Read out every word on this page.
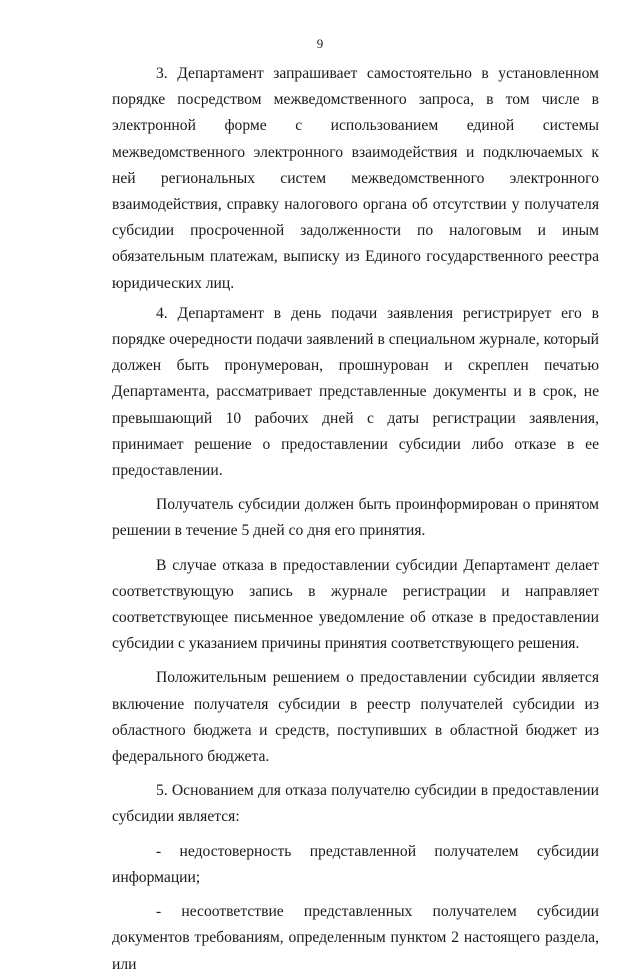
9

3. Департамент запрашивает самостоятельно в установленном порядке посредством межведомственного запроса, в том числе в электронной форме с использованием единой системы межведомственного электронного взаимодействия и подключаемых к ней региональных систем межведомственного электронного взаимодействия, справку налогового органа об отсутствии у получателя субсидии просроченной задолженности по налоговым и иным обязательным платежам, выписку из Единого государственного реестра юридических лиц.

4. Департамент в день подачи заявления регистрирует его в порядке очередности подачи заявлений в специальном журнале, который должен быть пронумерован, прошнурован и скреплен печатью Департамента, рассматривает представленные документы и в срок, не превышающий 10 рабочих дней с даты регистрации заявления, принимает решение о предоставлении субсидии либо отказе в ее предоставлении.

Получатель субсидии должен быть проинформирован о принятом решении в течение 5 дней со дня его принятия.

В случае отказа в предоставлении субсидии Департамент делает соответствующую запись в журнале регистрации и направляет соответствующее письменное уведомление об отказе в предоставлении субсидии с указанием причины принятия соответствующего решения.

Положительным решением о предоставлении субсидии является включение получателя субсидии в реестр получателей субсидии из областного бюджета и средств, поступивших в областной бюджет из федерального бюджета.

5. Основанием для отказа получателю субсидии в предоставлении субсидии является:

- недостоверность представленной получателем субсидии информации;

- несоответствие представленных получателем субсидии документов требованиям, определенным пунктом 2 настоящего раздела, или
